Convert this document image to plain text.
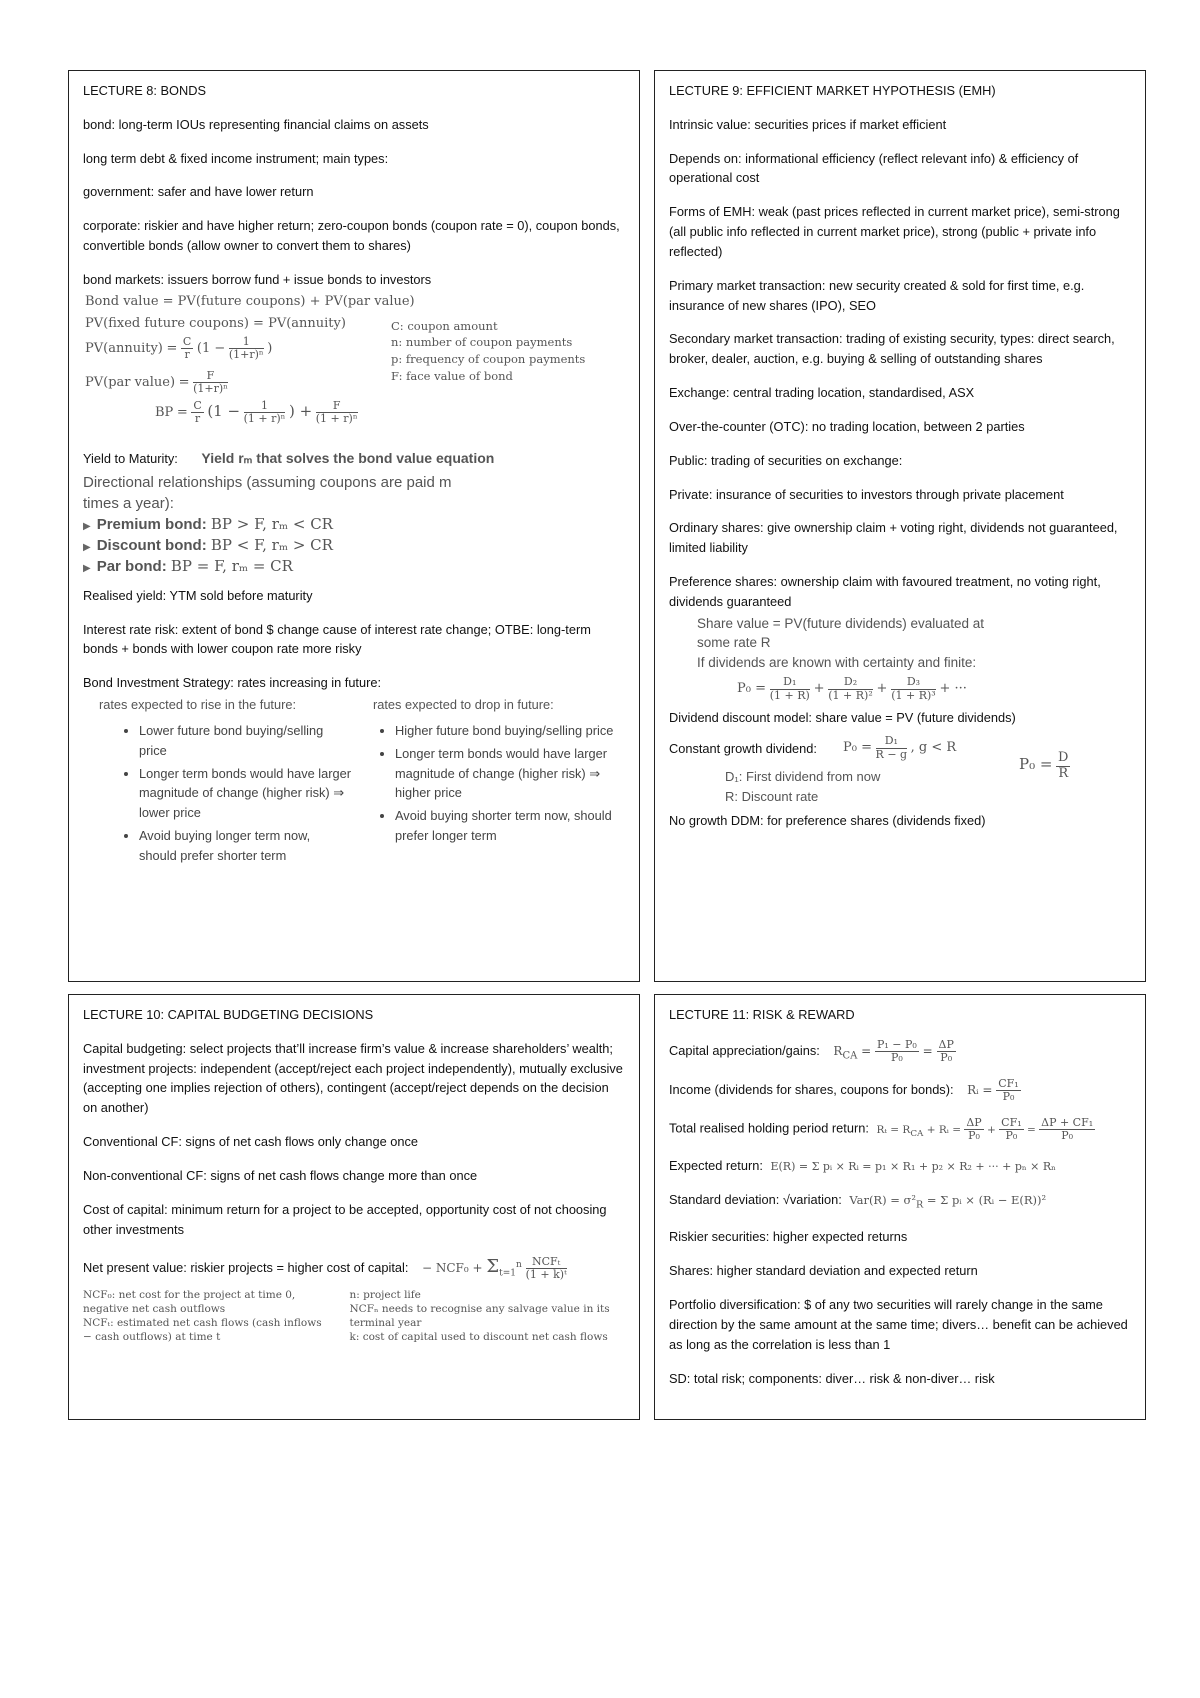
LECTURE 8: BONDS

bond: long-term IOUs representing financial claims on assets

long term debt & fixed income instrument; main types:

government: safer and have lower return

corporate: riskier and have higher return; zero-coupon bonds (coupon rate = 0), coupon bonds, convertible bonds (allow owner to convert them to shares)

bond markets: issuers borrow fund + issue bonds to investors

Bond value = PV(future coupons) + PV(par value)
PV(fixed future coupons) = PV(annuity)
PV(annuity) = $\frac{C}{r} (1 - \frac{1}{\text{(1+r)ⁿ}}$ )
PV(par value) = $\frac{F}{\text{(1+r)ⁿ}}$
C: coupon amount
n: number of coupon payments
p: frequency of coupon payments
F: face value of bond
BP = $\frac{C}{r} (1 - \frac{1}{\text{(1 + r)ⁿ}}$ ) + $\frac{F}{\text{(1 + r)ⁿ}}$
Yield to Maturity: Yield rₘ that solves the bond value equation
Directional relationships (assuming coupons are paid m
times a year):
▶ Premium bond: BP > F, rₘ < CR
▶ Discount bond: BP < F, rₘ > CR
▶ Par bond: BP = F, rₘ = CR

Realised yield: YTM sold before maturity

Interest rate risk: extent of bond $ change cause of interest rate change; OTBE: long-term bonds + bonds with lower coupon rate more risky

Bond Investment Strategy: rates increasing in future:

rates expected to rise in the future:
• Lower future bond buying/selling price
• Longer term bonds would have larger magnitude of change (higher risk) ⇒ lower price
• Avoid buying longer term now, should prefer shorter term
rates expected to drop in future:
• Higher future bond buying/selling price
• Longer term bonds would have larger magnitude of change (higher risk) ⇒ higher price
• Avoid buying shorter term now, should prefer longer term
LECTURE 9: EFFICIENT MARKET HYPOTHESIS (EMH)

Intrinsic value: securities prices if market efficient

Depends on: informational efficiency (reflect relevant info) & efficiency of operational cost

Forms of EMH: weak (past prices reflected in current market price), semi-strong (all public info reflected in current market price), strong (public + private info reflected)

Primary market transaction: new security created & sold for first time, e.g. insurance of new shares (IPO), SEO

Secondary market transaction: trading of existing security, types: direct search, broker, dealer, auction, e.g. buying & selling of outstanding shares

Exchange: central trading location, standardised, ASX

Over-the-counter (OTC): no trading location, between 2 parties

Public: trading of securities on exchange:

Private: insurance of securities to investors through private placement

Ordinary shares: give ownership claim + voting right, dividends not guaranteed, limited liability

Preference shares: ownership claim with favoured treatment, no voting right, dividends guaranteed

Share value = PV(future dividends) evaluated at
some rate R
If dividends are known with certainty and finite:
$P_0 = \frac{\text{D₁}}{(1 + R)} + \frac{\text{D₂}}{\text{(1 + R)²}} + \frac{\text{D₃}}{\text{(1 + R)³}}$ + ···

Dividend discount model: share value = PV (future dividends)

Constant growth dividend: $P_0 = \frac{\text{D₁}}{R - g}$ , g < R
$P_0 = \frac{D}{R}$
D₁: First dividend from now
R: Discount rate

No growth DDM: for preference shares (dividends fixed)

LECTURE 10: CAPITAL BUDGETING DECISIONS

Capital budgeting: select projects that’ll increase firm’s value & increase shareholders’ wealth; investment projects: independent (accept/reject each project independently), mutually exclusive (accepting one implies rejection of others), contingent (accept/reject depends on the decision on another)

Conventional CF: signs of net cash flows only change once

Non-conventional CF: signs of net cash flows change more than once

Cost of capital: minimum return for a project to be accepted, opportunity cost of not choosing other investments

Net present value: riskier projects = higher cost of capital: − $NCF_0 + \Sigma_{t=1}^n \frac{\text{NCFₜ}}{\text{(1 + k)ᵗ}}$
NCF₀: net cost for the project at time 0, negative net cash outflows
NCFₜ: estimated net cash flows (cash inflows − cash outflows) at time t
n: project life
NCFₙ needs to recognise any salvage value in its terminal year
k: cost of capital used to discount net cash flows
LECTURE 11: RISK & REWARD

Capital appreciation/gains: $R_{CA} = \frac{\text{P₁ − P₀}}{\text{P₀}} = \frac{\Delta P}{\text{P₀}}$

Income (dividends for shares, coupons for bonds): Rᵢ = $\frac{\text{CF₁}}{\text{P₀}}$

Total realised holding period return: $R_t = R_{CA}$ + Rᵢ = $\frac{\Delta P}{\text{P₀}} + \frac{\text{CF₁}}{\text{P₀}} = \frac{\text{ΔP + CF₁}}{\text{P₀}}$

Expected return: E(R) = Σ pᵢ × Rᵢ = p₁ × R₁ + p₂ × R₂ + ··· + pₙ × Rₙ

Standard deviation: √variation: $Var(R) = \sigma^2_R = \Sigma$ pᵢ × (Rᵢ − E(R))²

Riskier securities: higher expected returns

Shares: higher standard deviation and expected return

Portfolio diversification: $ of any two securities will rarely change in the same direction by the same amount at the same time; divers… benefit can be achieved as long as the correlation is less than 1

SD: total risk; components: diver… risk & non-diver… risk
